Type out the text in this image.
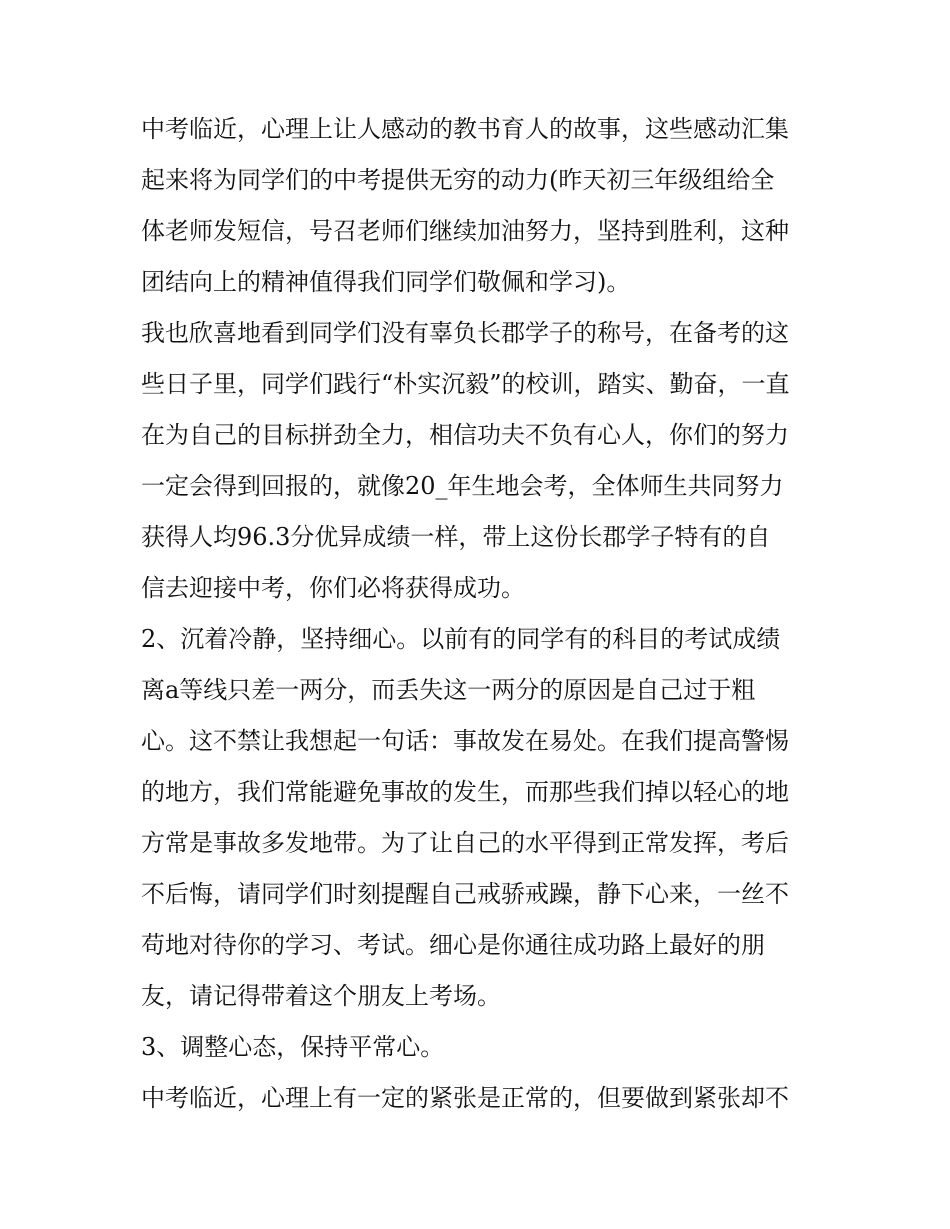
中考临近，心理上让人感动的教书育人的故事，这些感动汇集
起来将为同学们的中考提供无穷的动力(昨天初三年级组给全
体老师发短信，号召老师们继续加油努力，坚持到胜利，这种
团结向上的精神值得我们同学们敬佩和学习)。
我也欣喜地看到同学们没有辜负长郡学子的称号，在备考的这
些日子里，同学们践行“朴实沉毅”的校训，踏实、勤奋，一直
在为自己的目标拼劲全力，相信功夫不负有心人，你们的努力
一定会得到回报的，就像20_年生地会考，全体师生共同努力
获得人均96.3分优异成绩一样，带上这份长郡学子特有的自
信去迎接中考，你们必将获得成功。
2、沉着冷静，坚持细心。以前有的同学有的科目的考试成绩
离a等线只差一两分，而丢失这一两分的原因是自己过于粗
心。这不禁让我想起一句话：事故发在易处。在我们提高警惕
的地方，我们常能避免事故的发生，而那些我们掉以轻心的地
方常是事故多发地带。为了让自己的水平得到正常发挥，考后
不后悔，请同学们时刻提醒自己戒骄戒躁，静下心来，一丝不
苟地对待你的学习、考试。细心是你通往成功路上最好的朋
友，请记得带着这个朋友上考场。
3、调整心态，保持平常心。
中考临近，心理上有一定的紧张是正常的，但要做到紧张却不
